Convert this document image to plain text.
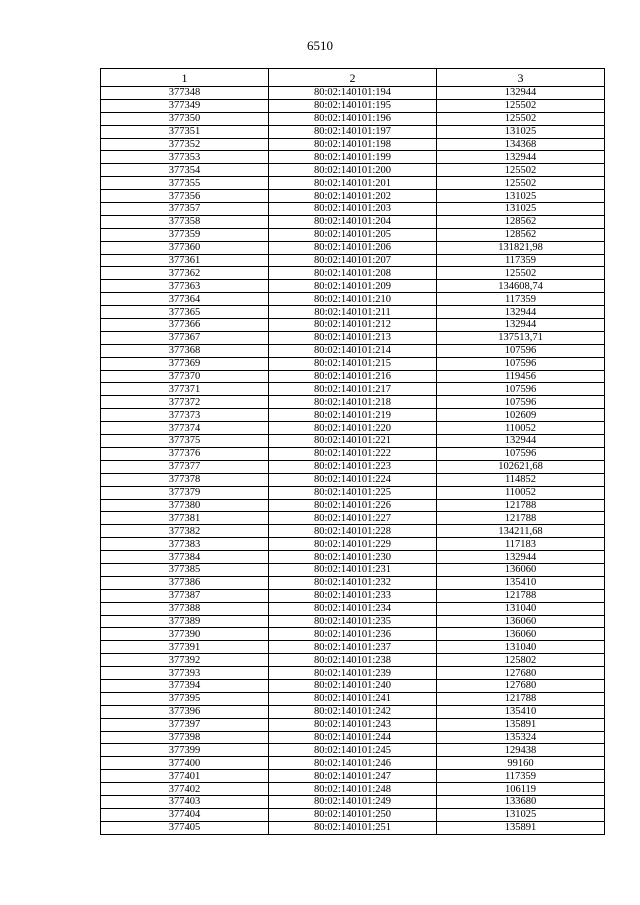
6510
1	2	3
377348	80:02:140101:194	132944
377349	80:02:140101:195	125502
377350	80:02:140101:196	125502
377351	80:02:140101:197	131025
377352	80:02:140101:198	134368
377353	80:02:140101:199	132944
377354	80:02:140101:200	125502
377355	80:02:140101:201	125502
377356	80:02:140101:202	131025
377357	80:02:140101:203	131025
377358	80:02:140101:204	128562
377359	80:02:140101:205	128562
377360	80:02:140101:206	131821,98
377361	80:02:140101:207	117359
377362	80:02:140101:208	125502
377363	80:02:140101:209	134608,74
377364	80:02:140101:210	117359
377365	80:02:140101:211	132944
377366	80:02:140101:212	132944
377367	80:02:140101:213	137513,71
377368	80:02:140101:214	107596
377369	80:02:140101:215	107596
377370	80:02:140101:216	119456
377371	80:02:140101:217	107596
377372	80:02:140101:218	107596
377373	80:02:140101:219	102609
377374	80:02:140101:220	110052
377375	80:02:140101:221	132944
377376	80:02:140101:222	107596
377377	80:02:140101:223	102621,68
377378	80:02:140101:224	114852
377379	80:02:140101:225	110052
377380	80:02:140101:226	121788
377381	80:02:140101:227	121788
377382	80:02:140101:228	134211,68
377383	80:02:140101:229	117183
377384	80:02:140101:230	132944
377385	80:02:140101:231	136060
377386	80:02:140101:232	135410
377387	80:02:140101:233	121788
377388	80:02:140101:234	131040
377389	80:02:140101:235	136060
377390	80:02:140101:236	136060
377391	80:02:140101:237	131040
377392	80:02:140101:238	125802
377393	80:02:140101:239	127680
377394	80:02:140101:240	127680
377395	80:02:140101:241	121788
377396	80:02:140101:242	135410
377397	80:02:140101:243	135891
377398	80:02:140101:244	135324
377399	80:02:140101:245	129438
377400	80:02:140101:246	99160
377401	80:02:140101:247	117359
377402	80:02:140101:248	106119
377403	80:02:140101:249	133680
377404	80:02:140101:250	131025
377405	80:02:140101:251	135891
